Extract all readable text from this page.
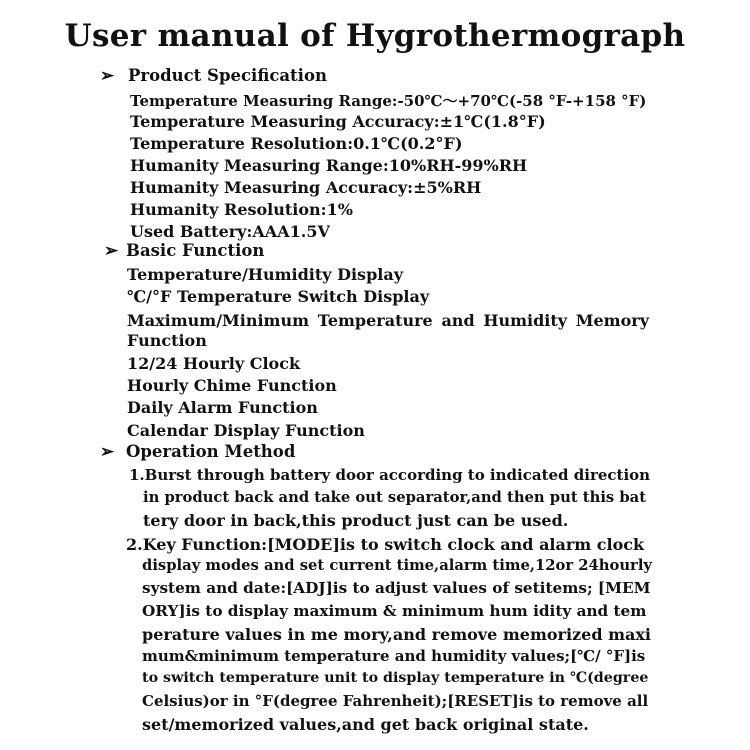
User manual of Hygrothermograph
➢ Product Specification
Temperature Measuring Range:-50℃～+70℃(-58 °F-+158 °F)
Temperature Measuring Accuracy:±1℃(1.8°F)
Temperature Resolution:0.1℃(0.2°F)
Humanity Measuring Range:10%RH-99%RH
Humanity Measuring Accuracy:±5%RH
Humanity Resolution:1%
Used Battery:AAA1.5V
➢ Basic Function
Temperature/Humidity Display
℃/°F Temperature Switch Display
Maximum/Minimum Temperature and Humidity Memory
Function
12/24 Hourly Clock
Hourly Chime Function
Daily Alarm Function
Calendar Display Function
➢ Operation Method
1.Burst through battery door according to indicated direction
in product back and take out separator,and then put this bat
tery door in back,this product just can be used.
2.Key Function:[MODE]is to switch clock and alarm clock
display modes and set current time,alarm time,12or 24hourly
system and date:[ADJ]is to adjust values of setitems; [MEM
ORY]is to display maximum & minimum hum idity and tem
perature values in me mory,and remove memorized maxi
mum&minimum temperature and humidity values;[℃/ °F]is
to switch temperature unit to display temperature in ℃(degree
Celsius)or in °F(degree Fahrenheit);[RESET]is to remove all
set/memorized values,and get back original state.
